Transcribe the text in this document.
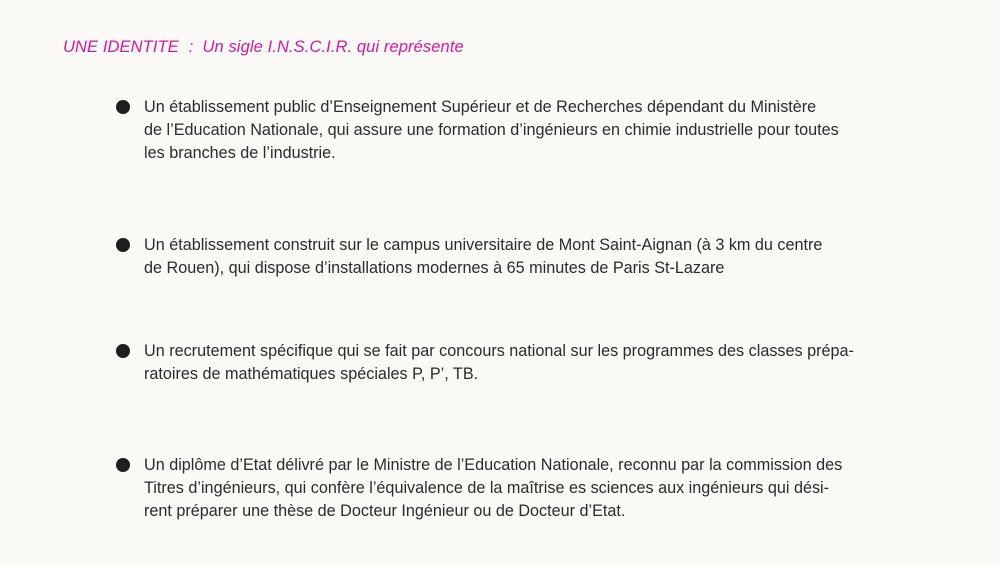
UNE IDENTITE : Un sigle I.N.S.C.I.R. qui représente
Un établissement public d’Enseignement Supérieur et de Recherches dépendant du Ministère
de l’Education Nationale, qui assure une formation d’ingénieurs en chimie industrielle pour toutes
les branches de l’industrie.
Un établissement construit sur le campus universitaire de Mont Saint-Aignan (à 3 km du centre
de Rouen), qui dispose d’installations modernes à 65 minutes de Paris St-Lazare
Un recrutement spécifique qui se fait par concours national sur les programmes des classes prépa-
ratoires de mathématiques spéciales P, P’, TB.
Un diplôme d’Etat délivré par le Ministre de l’Education Nationale, reconnu par la commission des
Titres d’ingénieurs, qui confère l’équivalence de la maîtrise es sciences aux ingénieurs qui dési-
rent préparer une thèse de Docteur Ingénieur ou de Docteur d’Etat.
